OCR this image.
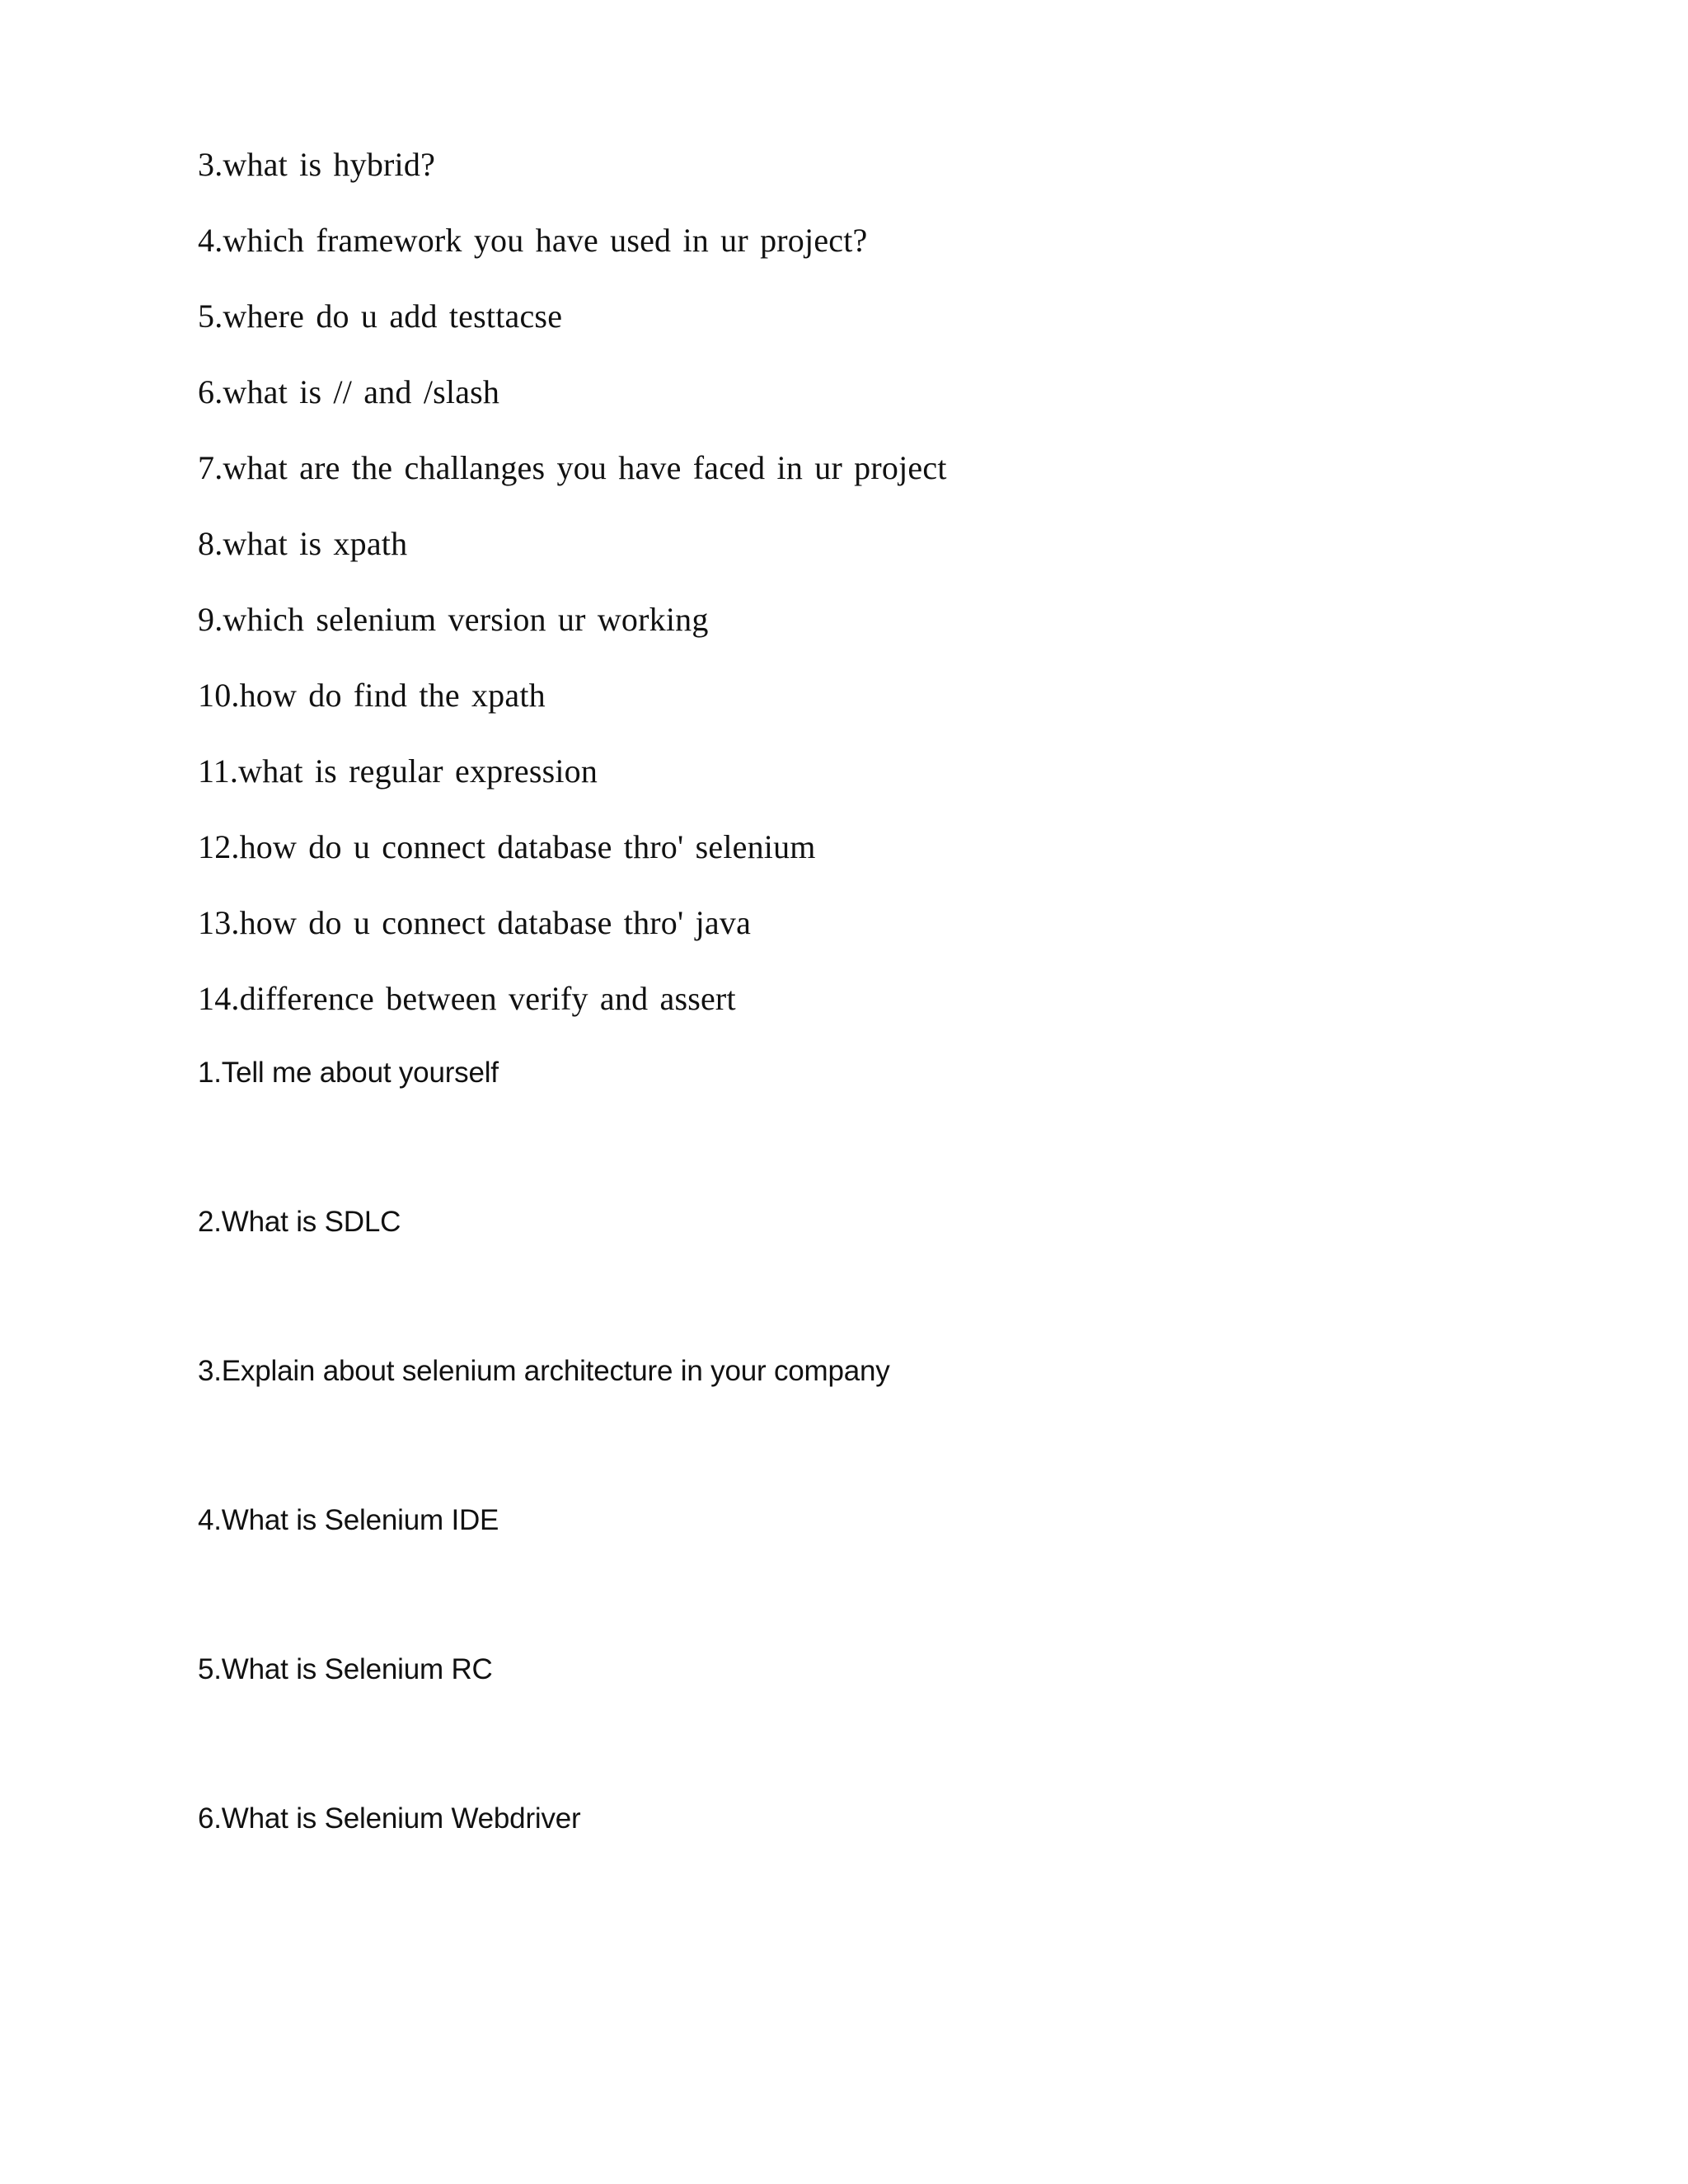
3.what is hybrid?

4.which framework you have used in ur project?

5.where do u add testtacse

6.what is // and /slash

7.what are the challanges you have faced in ur project

8.what is xpath

9.which selenium version ur working

10.how do find the xpath

11.what is regular expression

12.how do u connect database thro' selenium

13.how do u connect database thro' java

14.difference between verify and assert

1.Tell me about yourself

2.What is SDLC

3.Explain about selenium architecture in your company

4.What is Selenium IDE

5.What is Selenium RC

6.What is Selenium Webdriver
